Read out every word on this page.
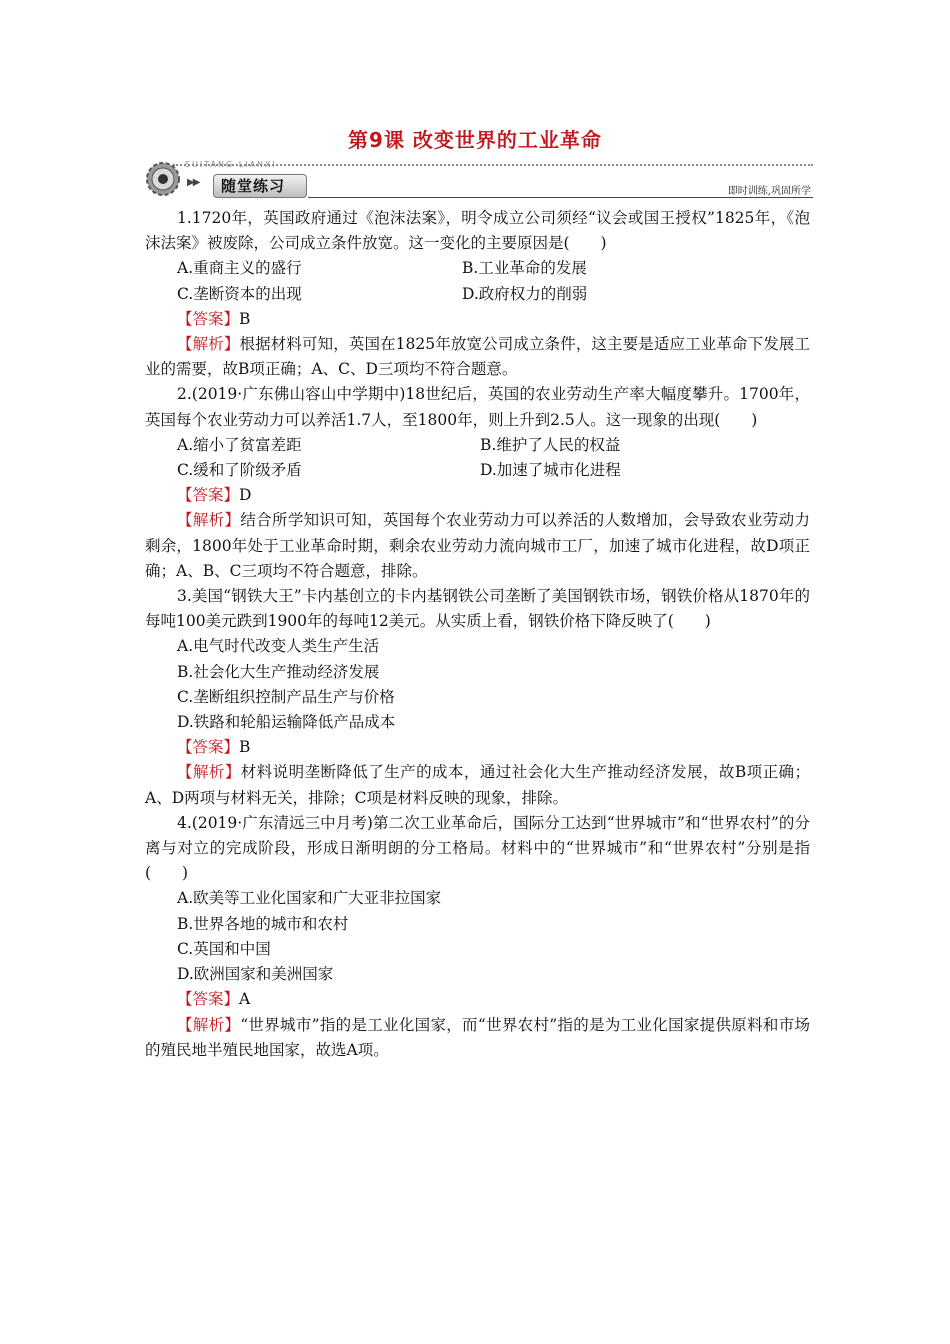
第9课 改变世界的工业革命
SUITANG LIANXI
▶▶ 随堂练习	即时训练,巩固所学

1.1720年，英国政府通过《泡沫法案》，明令成立公司须经“议会或国王授权”1825年，《泡沫法案》被废除，公司成立条件放宽。这一变化的主要原因是(　　)

A.重商主义的盛行	B.工业革命的发展
C.垄断资本的出现	D.政府权力的削弱

【答案】B

【解析】根据材料可知，英国在1825年放宽公司成立条件，这主要是适应工业革命下发展工业的需要，故B项正确；A、C、D三项均不符合题意。

2.(2019·广东佛山容山中学期中)18世纪后，英国的农业劳动生产率大幅度攀升。1700年，英国每个农业劳动力可以养活1.7人，至1800年，则上升到2.5人。这一现象的出现(　　)

A.缩小了贫富差距	B.维护了人民的权益
C.缓和了阶级矛盾	D.加速了城市化进程

【答案】D

【解析】结合所学知识可知，英国每个农业劳动力可以养活的人数增加，会导致农业劳动力剩余，1800年处于工业革命时期，剩余农业劳动力流向城市工厂，加速了城市化进程，故D项正确；A、B、C三项均不符合题意，排除。

3.美国“钢铁大王”卡内基创立的卡内基钢铁公司垄断了美国钢铁市场，钢铁价格从1870年的每吨100美元跌到1900年的每吨12美元。从实质上看，钢铁价格下降反映了(　　)

A.电气时代改变人类生产生活

B.社会化大生产推动经济发展

C.垄断组织控制产品生产与价格

D.铁路和轮船运输降低产品成本

【答案】B

【解析】材料说明垄断降低了生产的成本，通过社会化大生产推动经济发展，故B项正确；A、D两项与材料无关，排除；C项是材料反映的现象，排除。

4.(2019·广东清远三中月考)第二次工业革命后，国际分工达到“世界城市”和“世界农村”的分离与对立的完成阶段，形成日渐明朗的分工格局。材料中的“世界城市”和“世界农村”分别是指(　　)

A.欧美等工业化国家和广大亚非拉国家

B.世界各地的城市和农村

C.英国和中国

D.欧洲国家和美洲国家

【答案】A

【解析】“世界城市”指的是工业化国家，而“世界农村”指的是为工业化国家提供原料和市场的殖民地半殖民地国家，故选A项。
